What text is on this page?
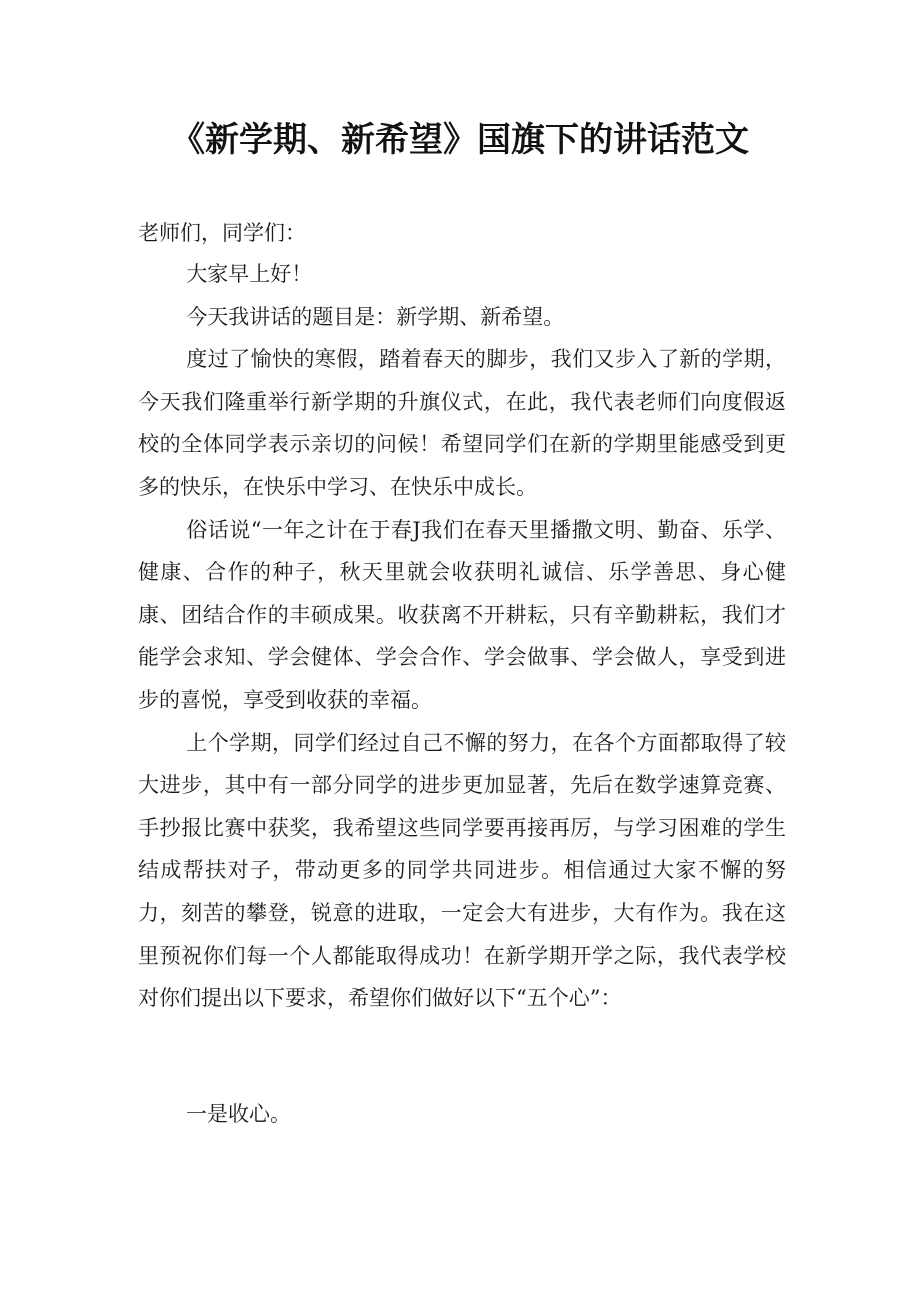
《新学期、新希望》国旗下的讲话范文
老师们，同学们：

大家早上好！

今天我讲话的题目是：新学期、新希望。

度过了愉快的寒假，踏着春天的脚步，我们又步入了新的学期，今天我们隆重举行新学期的升旗仪式，在此，我代表老师们向度假返校的全体同学表示亲切的问候！希望同学们在新的学期里能感受到更多的快乐，在快乐中学习、在快乐中成长。

俗话说“一年之计在于春J我们在春天里播撒文明、勤奋、乐学、健康、合作的种子，秋天里就会收获明礼诚信、乐学善思、身心健康、团结合作的丰硕成果。收获离不开耕耘，只有辛勤耕耘，我们才能学会求知、学会健体、学会合作、学会做事、学会做人，享受到进步的喜悦，享受到收获的幸福。

上个学期，同学们经过自己不懈的努力，在各个方面都取得了较大进步，其中有一部分同学的进步更加显著，先后在数学速算竞赛、手抄报比赛中获奖，我希望这些同学要再接再厉，与学习困难的学生结成帮扶对子，带动更多的同学共同进步。相信通过大家不懈的努力，刻苦的攀登，锐意的进取，一定会大有进步，大有作为。我在这里预祝你们每一个人都能取得成功！在新学期开学之际，我代表学校对你们提出以下要求，希望你们做好以下“五个心”：

一是收心。
